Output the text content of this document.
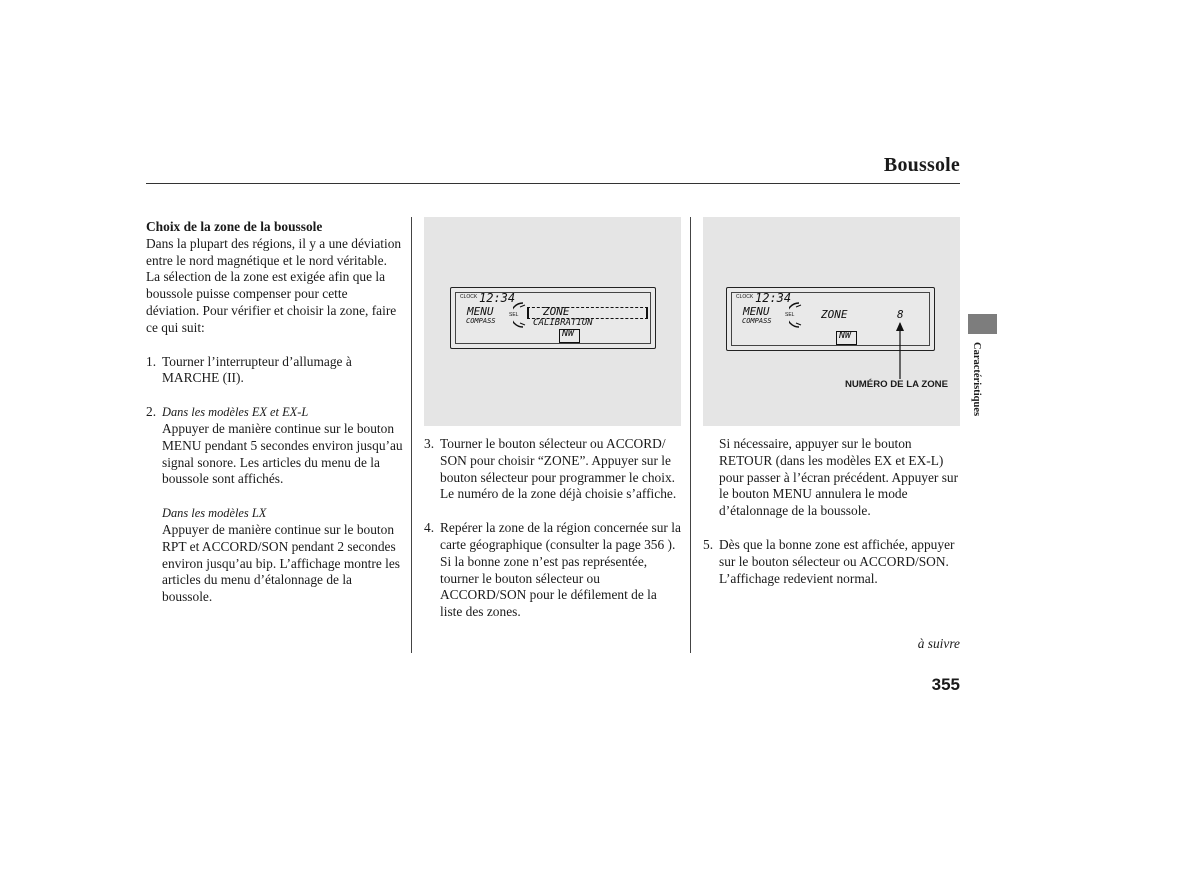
Boussole

Choix de la zone de la boussole

Dans la plupart des régions, il y a une déviation entre le nord magnétique et le nord véritable. La sélection de la zone est exigée afin que la boussole puisse compenser pour cette déviation. Pour vérifier et choisir la zone, faire ce qui suit:

1. Tourner l’interrupteur d’allumage à MARCHE (II).
2. Dans les modèles EX et EX-L
Appuyer de manière continue sur le bouton MENU pendant 5 secondes environ jusqu’au signal sonore. Les articles du menu de la boussole sont affichés.
Dans les modèles LX
Appuyer de manière continue sur le bouton RPT et ACCORD/SON pendant 2 secondes environ jusqu’au bip. L’affichage montre les articles du menu d’étalonnage de la boussole.
CLOCK 12:34
MENU
COMPASS
SEL ZONE
CALIBRATION
NW
3. Tourner le bouton sélecteur ou ACCORD/ SON pour choisir “ZONE”. Appuyer sur le bouton sélecteur pour programmer le choix. Le numéro de la zone déjà choisie s’affiche.
4. Repérer la zone de la région concernée sur la carte géographique (consulter la page 356 ). Si la bonne zone n’est pas représentée, tourner le bouton sélecteur ou ACCORD/SON pour le défilement de la liste des zones.
CLOCK 12:34
MENU
COMPASS
SEL ZONE	8
NW
NUMÉRO DE LA ZONE

Si nécessaire, appuyer sur le bouton RETOUR (dans les modèles EX et EX-L) pour passer à l’écran précédent. Appuyer sur le bouton MENU annulera le mode d’étalonnage de la boussole.

5. Dès que la bonne zone est affichée, appuyer sur le bouton sélecteur ou ACCORD/SON. L’affichage redevient normal.
Caractéristiques
à suivre
355
